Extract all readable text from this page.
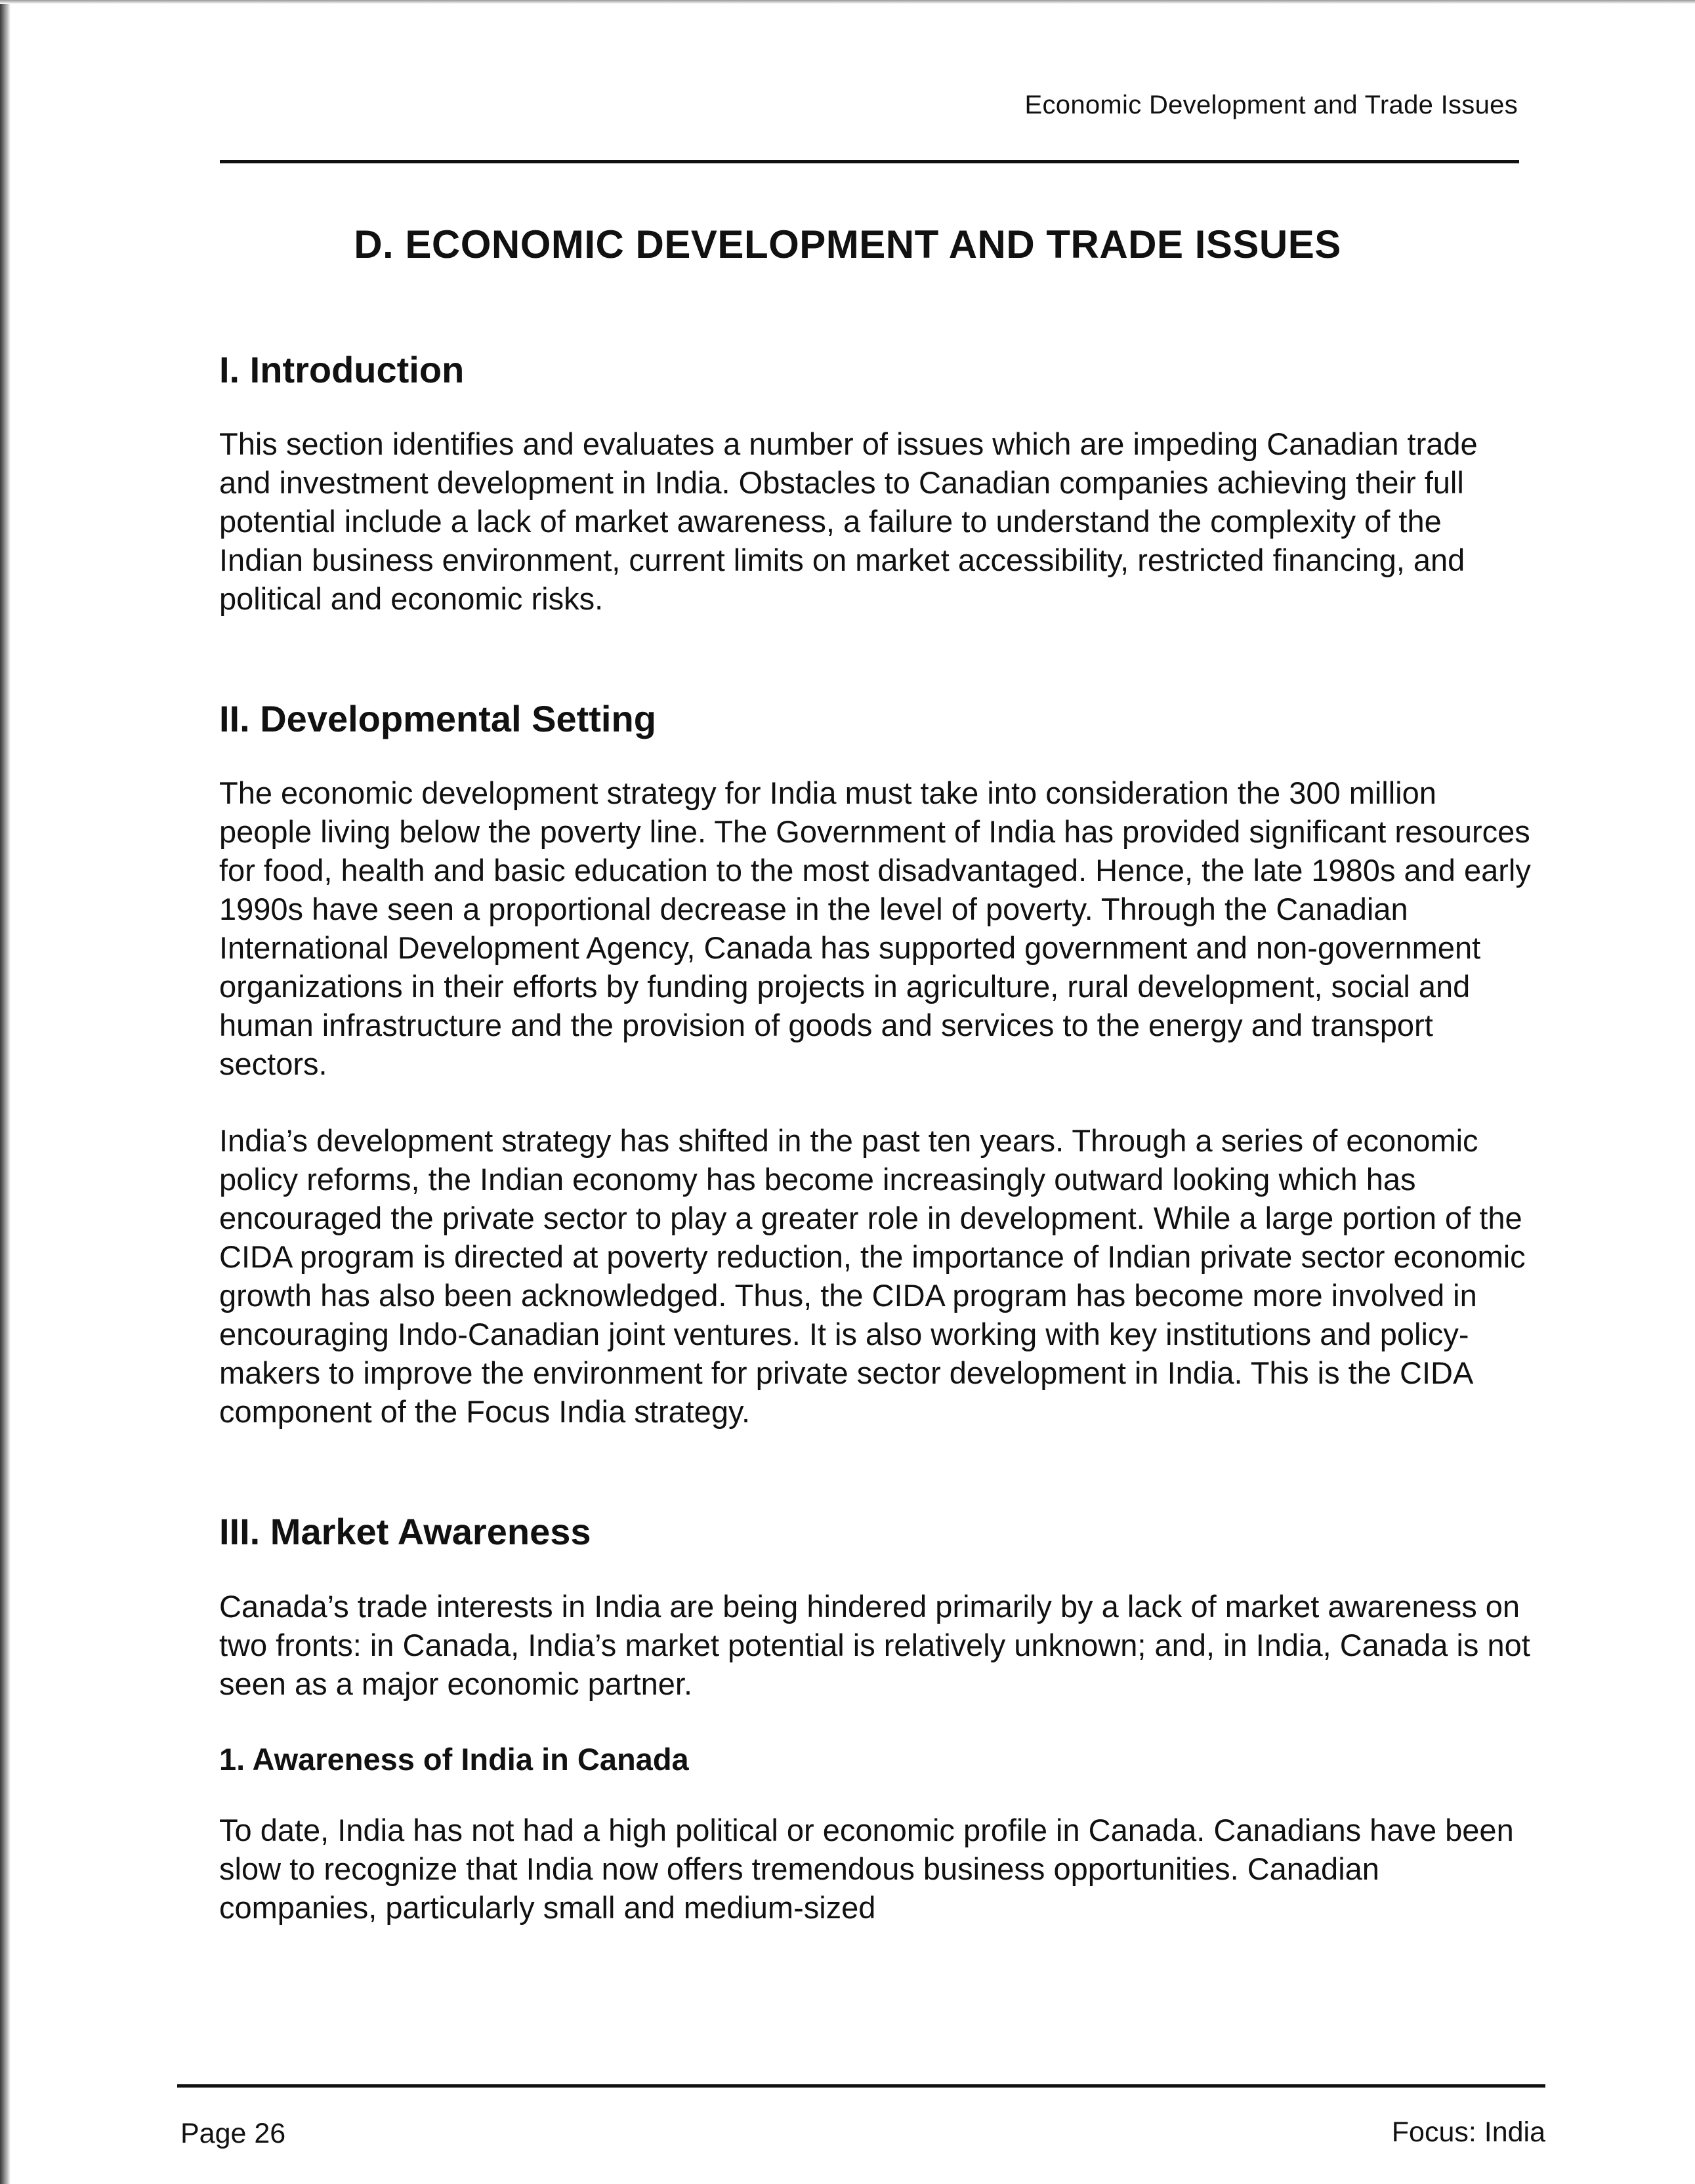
Economic Development and Trade Issues
D. ECONOMIC DEVELOPMENT AND TRADE ISSUES
I. Introduction

This section identifies and evaluates a number of issues which are impeding Canadian trade and investment development in India. Obstacles to Canadian companies achieving their full potential include a lack of market awareness, a failure to understand the complexity of the Indian business environment, current limits on market accessibility, restricted financing, and political and economic risks.

II. Developmental Setting

The economic development strategy for India must take into consideration the 300 million people living below the poverty line. The Government of India has provided significant resources for food, health and basic education to the most disadvantaged. Hence, the late 1980s and early 1990s have seen a proportional decrease in the level of poverty. Through the Canadian International Development Agency, Canada has supported government and non-government organizations in their efforts by funding projects in agriculture, rural development, social and human infrastructure and the provision of goods and services to the energy and transport sectors.

India’s development strategy has shifted in the past ten years. Through a series of economic policy reforms, the Indian economy has become increasingly outward looking which has encouraged the private sector to play a greater role in development. While a large portion of the CIDA program is directed at poverty reduction, the importance of Indian private sector economic growth has also been acknowledged. Thus, the CIDA program has become more involved in encouraging Indo-Canadian joint ventures. It is also working with key institutions and policy-makers to improve the environment for private sector development in India. This is the CIDA component of the Focus India strategy.

III. Market Awareness

Canada’s trade interests in India are being hindered primarily by a lack of market awareness on two fronts: in Canada, India’s market potential is relatively unknown; and, in India, Canada is not seen as a major economic partner.

1. Awareness of India in Canada

To date, India has not had a high political or economic profile in Canada. Canadians have been slow to recognize that India now offers tremendous business opportunities. Canadian companies, particularly small and medium-sized

Page 26	Focus: India
